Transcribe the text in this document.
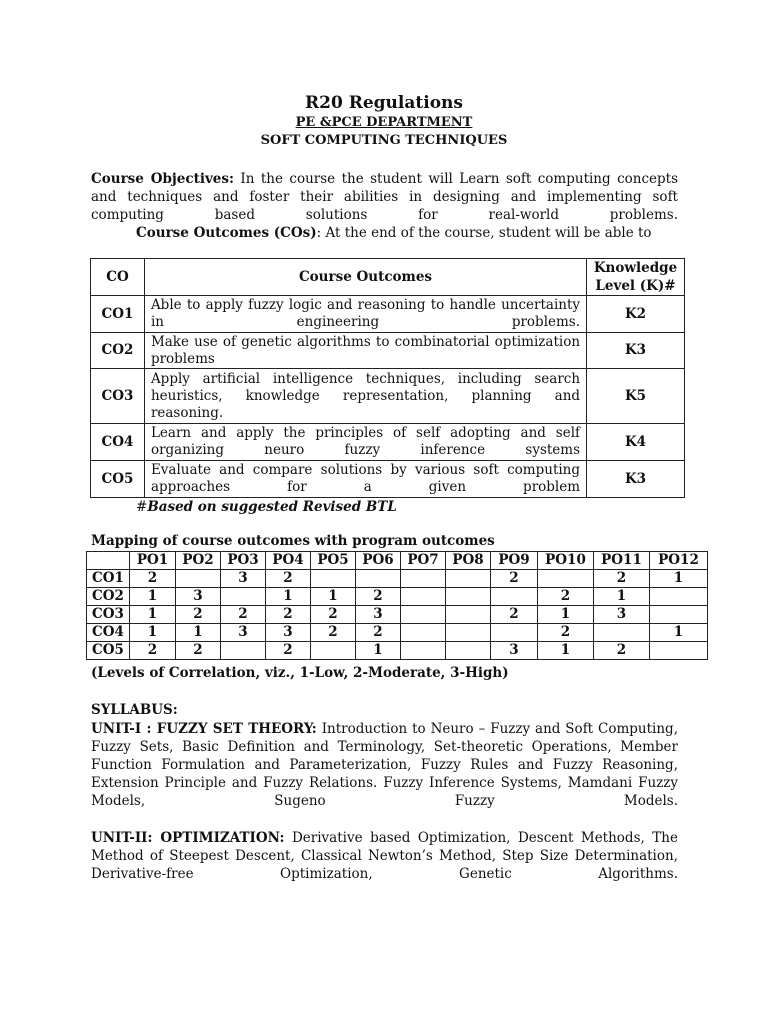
R20 Regulations
PE &PCE DEPARTMENT
SOFT COMPUTING TECHNIQUES
Course Objectives: In the course the student will Learn soft computing concepts and techniques and foster their abilities in designing and implementing soft computing based solutions for real-world problems.
Course Outcomes (COs): At the end of the course, student will be able to
CO	Course Outcomes	Knowledge Level (K)#
CO1	Able to apply fuzzy logic and reasoning to handle uncertainty in engineering problems.	K2
CO2	Make use of genetic algorithms to combinatorial optimization problems	K3
CO3	Apply artificial intelligence techniques, including search heuristics, knowledge representation, planning and reasoning.	K5
CO4	Learn and apply the principles of self adopting and self organizing neuro fuzzy inference systems	K4
CO5	Evaluate and compare solutions by various soft computing approaches for a given problem	K3
#Based on suggested Revised BTL
Mapping of course outcomes with program outcomes
	PO1	PO2	PO3	PO4	PO5	PO6	PO7	PO8	PO9	PO10	PO11	PO12
CO1	2		3	2					2		2	1
CO2	1	3		1	1	2				2	1	
CO3	1	2	2	2	2	3			2	1	3	
CO4	1	1	3	3	2	2				2		1
CO5	2	2		2		1			3	1	2	
(Levels of Correlation, viz., 1-Low, 2-Moderate, 3-High)
SYLLABUS:
UNIT-I : FUZZY SET THEORY: Introduction to Neuro – Fuzzy and Soft Computing, Fuzzy Sets, Basic Definition and Terminology, Set-theoretic Operations, Member Function Formulation and Parameterization, Fuzzy Rules and Fuzzy Reasoning, Extension Principle and Fuzzy Relations. Fuzzy Inference Systems, Mamdani Fuzzy Models, Sugeno Fuzzy Models.
UNIT-II: OPTIMIZATION: Derivative based Optimization, Descent Methods, The Method of Steepest Descent, Classical Newton’s Method, Step Size Determination, Derivative-free Optimization, Genetic Algorithms.
